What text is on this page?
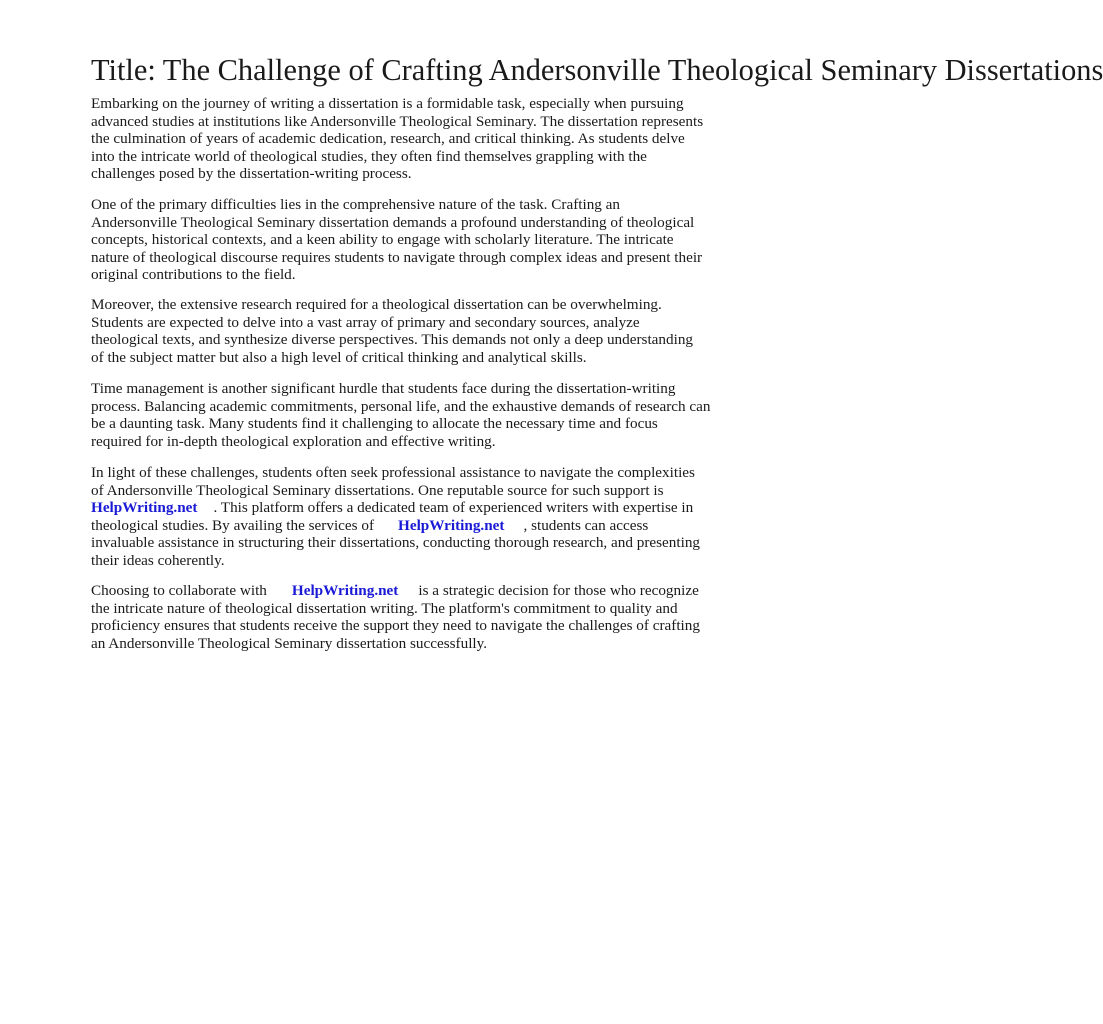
Title: The Challenge of Crafting Andersonville Theological Seminary Dissertations

Embarking on the journey of writing a dissertation is a formidable task, especially when pursuing
advanced studies at institutions like Andersonville Theological Seminary. The dissertation represents
the culmination of years of academic dedication, research, and critical thinking. As students delve
into the intricate world of theological studies, they often find themselves grappling with the
challenges posed by the dissertation-writing process.

One of the primary difficulties lies in the comprehensive nature of the task. Crafting an
Andersonville Theological Seminary dissertation demands a profound understanding of theological
concepts, historical contexts, and a keen ability to engage with scholarly literature. The intricate
nature of theological discourse requires students to navigate through complex ideas and present their
original contributions to the field.

Moreover, the extensive research required for a theological dissertation can be overwhelming.
Students are expected to delve into a vast array of primary and secondary sources, analyze
theological texts, and synthesize diverse perspectives. This demands not only a deep understanding
of the subject matter but also a high level of critical thinking and analytical skills.

Time management is another significant hurdle that students face during the dissertation-writing
process. Balancing academic commitments, personal life, and the exhaustive demands of research can
be a daunting task. Many students find it challenging to allocate the necessary time and focus
required for in-depth theological exploration and effective writing.

In light of these challenges, students often seek professional assistance to navigate the complexities
of Andersonville Theological Seminary dissertations. One reputable source for such support is
HelpWriting.net . This platform offers a dedicated team of experienced writers with expertise in
theological studies. By availing the services of HelpWriting.net , students can access
invaluable assistance in structuring their dissertations, conducting thorough research, and presenting
their ideas coherently.

Choosing to collaborate with HelpWriting.net is a strategic decision for those who recognize
the intricate nature of theological dissertation writing. The platform's commitment to quality and
proficiency ensures that students receive the support they need to navigate the challenges of crafting
an Andersonville Theological Seminary dissertation successfully.
